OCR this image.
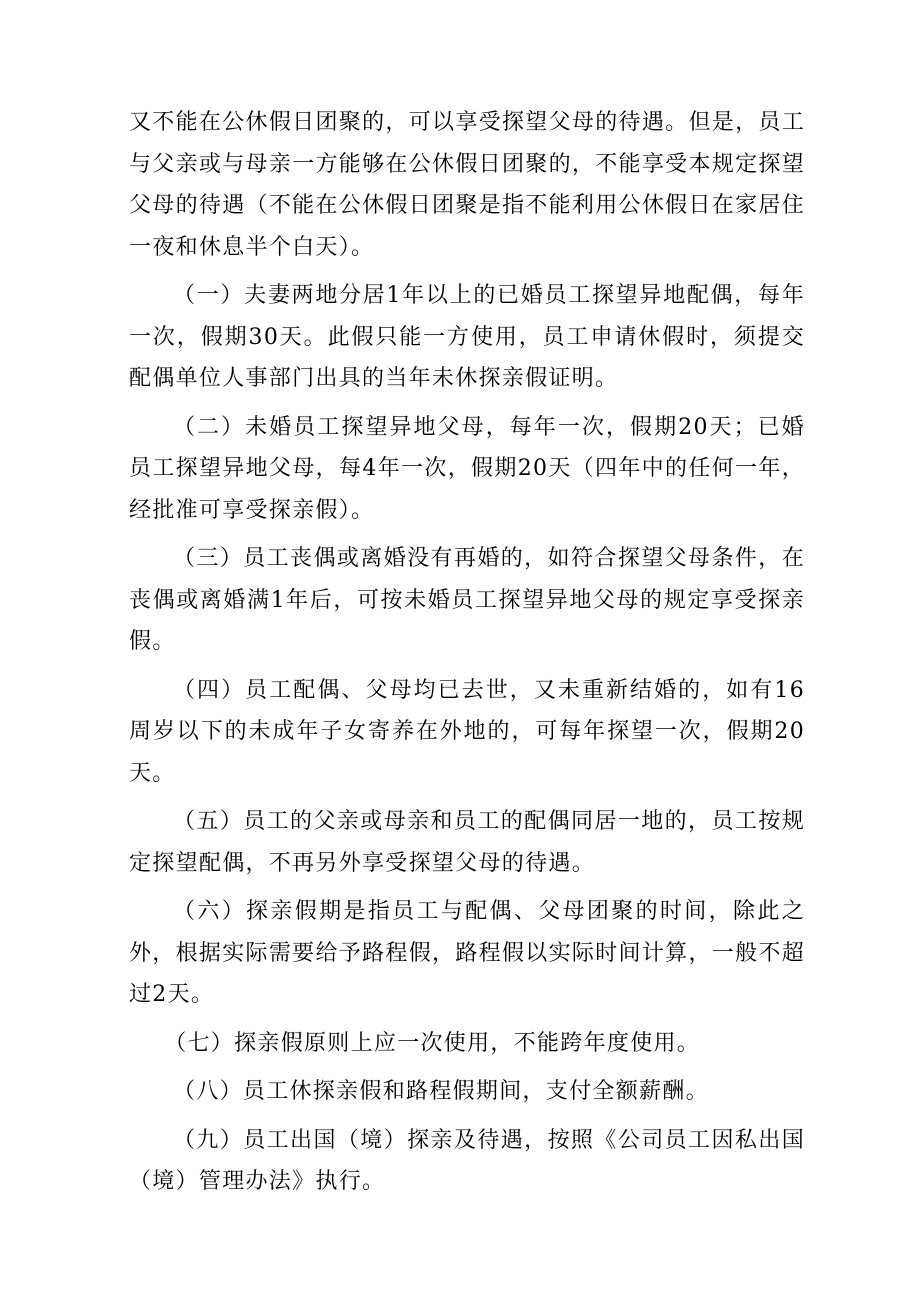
又不能在公休假日团聚的，可以享受探望父母的待遇。但是，员工与父亲或与母亲一方能够在公休假日团聚的，不能享受本规定探望父母的待遇（不能在公休假日团聚是指不能利用公休假日在家居住一夜和休息半个白天）。

（一）夫妻两地分居1年以上的已婚员工探望异地配偶，每年一次，假期30天。此假只能一方使用，员工申请休假时，须提交配偶单位人事部门出具的当年未休探亲假证明。

（二）未婚员工探望异地父母，每年一次，假期20天；已婚员工探望异地父母，每4年一次，假期20天（四年中的任何一年，经批准可享受探亲假）。

（三）员工丧偶或离婚没有再婚的，如符合探望父母条件，在丧偶或离婚满1年后，可按未婚员工探望异地父母的规定享受探亲假。

（四）员工配偶、父母均已去世，又未重新结婚的，如有16周岁以下的未成年子女寄养在外地的，可每年探望一次，假期20天。

（五）员工的父亲或母亲和员工的配偶同居一地的，员工按规定探望配偶，不再另外享受探望父母的待遇。

（六）探亲假期是指员工与配偶、父母团聚的时间，除此之外，根据实际需要给予路程假，路程假以实际时间计算，一般不超过2天。

（七）探亲假原则上应一次使用，不能跨年度使用。

（八）员工休探亲假和路程假期间，支付全额薪酬。

（九）员工出国（境）探亲及待遇，按照《公司员工因私出国（境）管理办法》执行。
